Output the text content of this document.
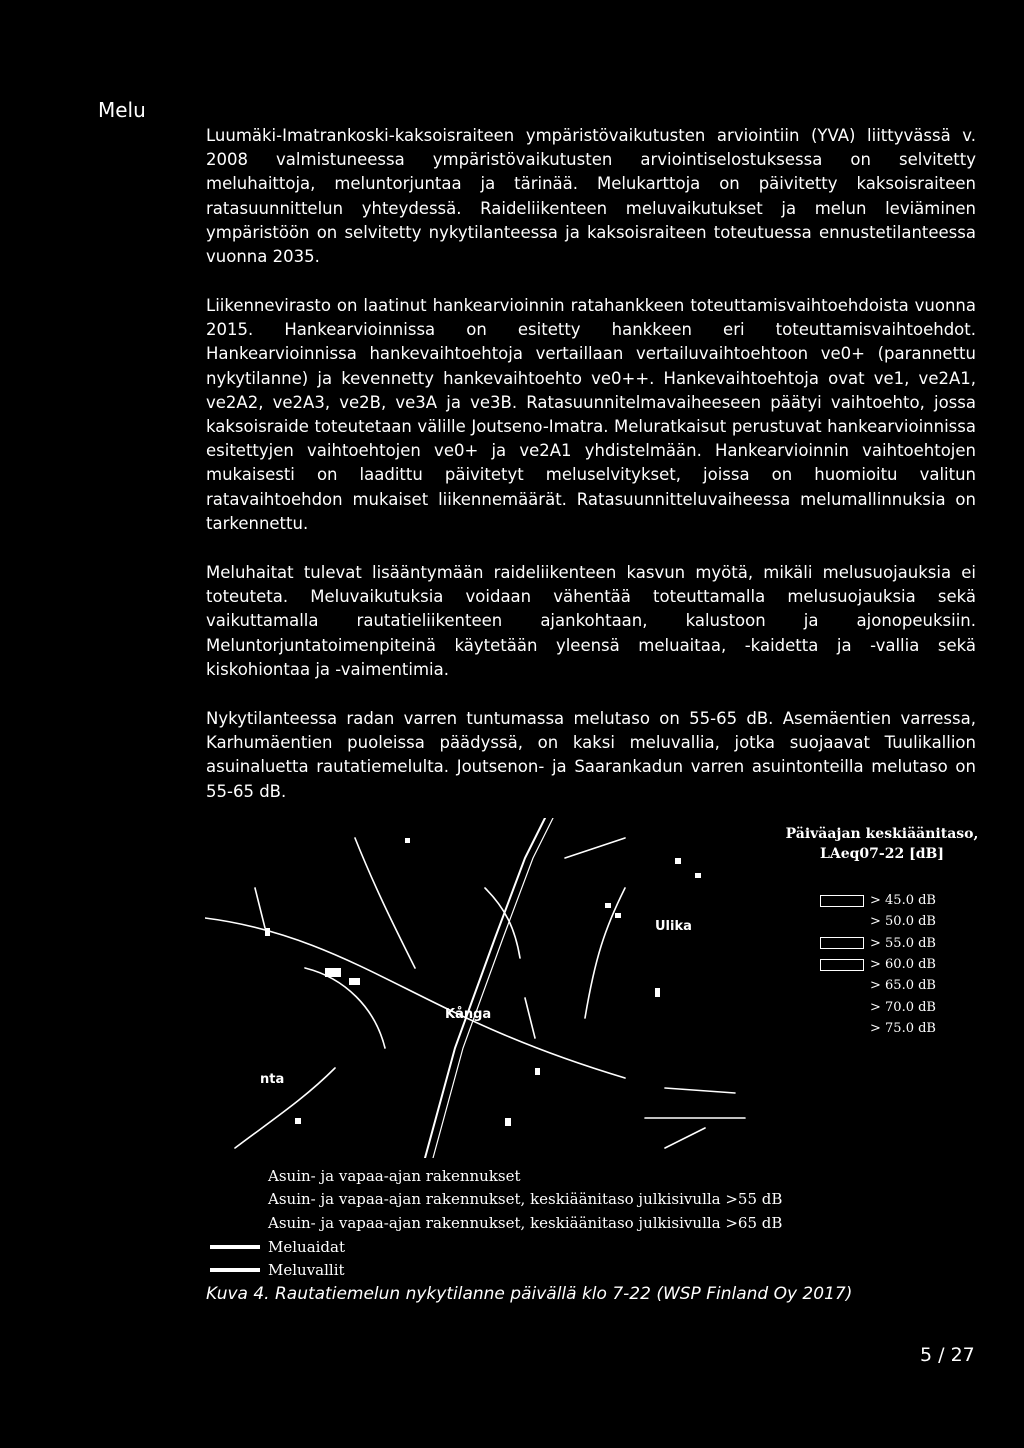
Melu

Luumäki-Imatrankoski-kaksoisraiteen ympäristövaikutusten arviointiin (YVA) liittyvässä v. 2008 valmistuneessa ympäristövaikutusten arviointiselostuksessa on selvitetty meluhaittoja, meluntorjuntaa ja tärinää. Melukarttoja on päivitetty kaksoisraiteen ratasuunnittelun yhteydessä. Raideliikenteen meluvaikutukset ja melun leviäminen ympäristöön on selvitetty nykytilanteessa ja kaksoisraiteen toteutuessa ennustetilanteessa vuonna 2035.

Liikennevirasto on laatinut hankearvioinnin ratahankkeen toteuttamisvaihtoehdoista vuonna 2015. Hankearvioinnissa on esitetty hankkeen eri toteuttamisvaihtoehdot. Hankearvioinnissa hankevaihtoehtoja vertaillaan vertailuvaihtoehtoon ve0+ (parannettu nykytilanne) ja kevennetty hankevaihtoehto ve0++. Hankevaihtoehtoja ovat ve1, ve2A1, ve2A2, ve2A3, ve2B, ve3A ja ve3B. Ratasuunnitelmavaiheeseen päätyi vaihtoehto, jossa kaksoisraide toteutetaan välille Joutseno-Imatra. Meluratkaisut perustuvat hankearvioinnissa esitettyjen vaihtoehtojen ve0+ ja ve2A1 yhdistelmään. Hankearvioinnin vaihtoehtojen mukaisesti on laadittu päivitetyt meluselvitykset, joissa on huomioitu valitun ratavaihtoehdon mukaiset liikennemäärät. Ratasuunnitteluvaiheessa melumallinnuksia on tarkennettu.

Meluhaitat tulevat lisääntymään raideliikenteen kasvun myötä, mikäli melusuojauksia ei toteuteta. Meluvaikutuksia voidaan vähentää toteuttamalla melusuojauksia sekä vaikuttamalla rautatieliikenteen ajankohtaan, kalustoon ja ajonopeuksiin. Meluntorjuntatoimenpiteinä käytetään yleensä meluaitaa, -kaidetta ja -vallia sekä kiskohiontaa ja -vaimentimia.

Nykytilanteessa radan varren tuntumassa melutaso on 55-65 dB. Asemäentien varressa, Karhumäentien puoleissa päädyssä, on kaksi meluvallia, jotka suojaavat Tuulikallion asuinaluetta rautatiemelulta. Joutsenon- ja Saarankadun varren asuintonteilla melutaso on 55-65 dB.

Ulika
Kånga
nta
Päiväajan keskiäänitaso, LAeq07-22 [dB]
> 45.0 dB
> 50.0 dB
> 55.0 dB
> 60.0 dB
> 65.0 dB
> 70.0 dB
> 75.0 dB
Asuin- ja vapaa-ajan rakennukset
Asuin- ja vapaa-ajan rakennukset, keskiäänitaso julkisivulla >55 dB
Asuin- ja vapaa-ajan rakennukset, keskiäänitaso julkisivulla >65 dB
Meluaidat
Meluvallit
Kuva 4. Rautatiemelun nykytilanne päivällä klo 7-22 (WSP Finland Oy 2017)
5 / 27
